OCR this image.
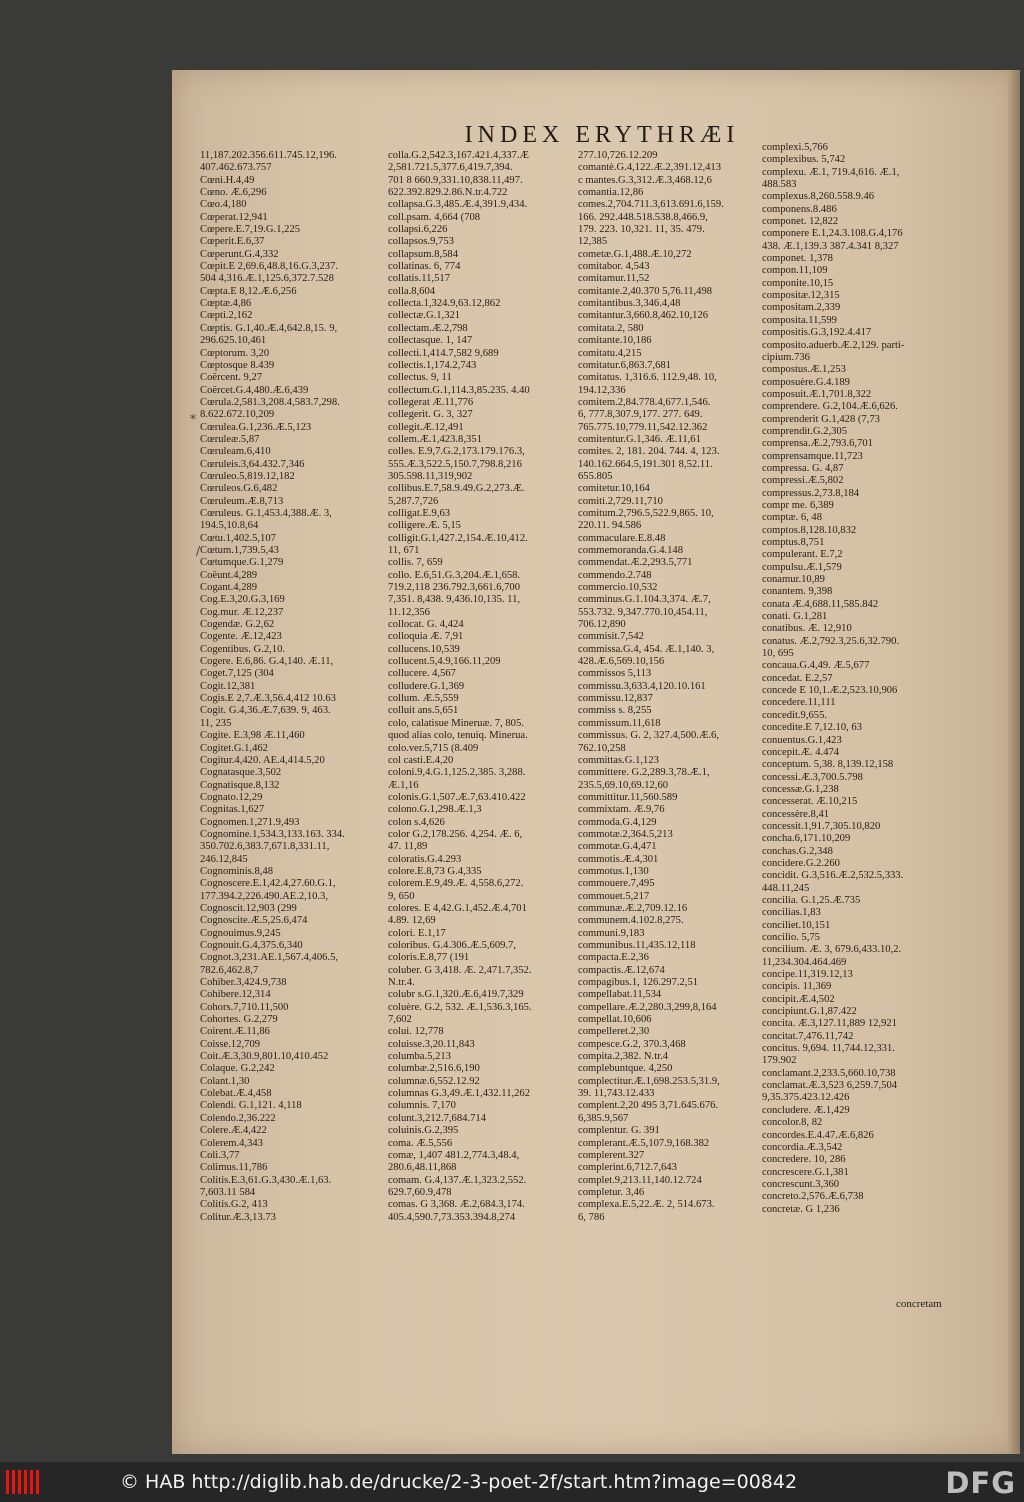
INDEX ERYTHRÆI
*
/
11,187.202.356.611.745.12,196.
407.462.673.757
Cœni.H.4,49
Cœno. Æ.6,296
Cœo.4,180
Cœperat.12,941
Cœpere.E.7,19.G.1,225
Cœperit.E.6,37
Cœperunt.G.4,332
Cœpit.E 2,69.6,48.8,16.G.3,237.
504 4,316.Æ.1,125.6,372.7.528
Cœpta.E 8,12.Æ.6,256
Cœptæ.4,86
Cœpti.2,162
Cœptis. G.1,40.Æ.4,642.8,15. 9,
296.625.10,461
Cœptorum. 3,20
Cœptosque 8.439
Coërcent. 9,27
Coërcet.G.4,480.Æ.6,439
Cœrula.2,581.3,208.4,583.7,298.
8.622.672.10,209
Cœrulea.G.1,236.Æ.5,123
Cœruleæ.5,87
Cœruleam.6,410
Cœruleis.3,64.432.7,346
Cœruleo.5,819.12,182
Cœruleos.G.6,482
Cœruleum.Æ.8,713
Cœruleus. G.1,453.4,388.Æ. 3,
194.5,10.8,64
Cœtu.1,402.5,107
Cœtum.1,739.5,43
Cœtumque.G.1,279
Coëunt.4,289
Cogant.4,289
Cog.E.3,20.G.3,169
Cog.mur. Æ.12,237
Cogendæ. G.2,62
Cogente. Æ.12,423
Cogentibus. G.2,10.
Cogere. E.6,86. G.4,140. Æ.11,
Coget.7,125 (304
Cogit.12,381
Cogis.E 2,7.Æ.3,56.4,412 10.63
Cogit. G.4,36.Æ.7,639. 9, 463.
11, 235
Cogite. E.3,98 Æ.11,460
Cogitet.G.1,462
Cogitur.4,420. AE.4,414.5,20
Cognatasque.3,502
Cognatisque.8,132
Cognato.12,29
Cognitas.1,627
Cognomen.1,271.9,493
Cognomine.1,534.3,133.163. 334.
350.702.6,383.7,671.8,331.11,
246.12,845
Cognominis.8,48
Cognoscere.E.1,42.4,27.60.G.1,
177.394.2,226.490.AE.2,10.3,
Cognoscit.12,903 (299
Cognoscite.Æ.5,25.6,474
Cognouimus.9,245
Cognouit.G.4,375.6,340
Cognot.3,231.AE.1,567.4,406.5,
782.6,462.8,7
Cohiber.3,424.9,738
Cohibere.12,314
Cohors.7,710.11,500
Cohortes. G.2,279
Coirent.Æ.11,86
Coisse.12,709
Coit.Æ.3,30.9,801.10,410.452
Colaque. G.2,242
Colant.1,30
Colebat.Æ.4,458
Colendi. G.1,121. 4,118
Colendo.2,36.222
Colere.Æ.4,422
Colerem.4,343
Coli.3,77
Colimus.11,786
Colitis.E.3,61.G.3,430.Æ.1,63.
7,603.11 584
Colitis.G.2, 413
Colitur.Æ.3,13.73
colla.G.2,542.3,167.421.4,337.Æ
2,581.721.5,377.6,419.7,394.
701 8 660.9,331.10,838.11,497.
622.392.829.2.86.N.tr.4.722
collapsa.G.3,485.Æ.4,391.9,434.
coll.psam. 4,664 (708
collapsi.6,226
collapsos.9,753
collapsum.8,584
collatinas. 6, 774
collatis.11,517
colla.8,604
collecta.1,324.9,63.12,862
collectæ.G.1,321
collectam.Æ.2,798
collectasque. 1, 147
collecti.1,414.7,582 9,689
collectis.1,174.2,743
collectus. 9, 11
collectum.G.1,114.3,85.235. 4.40
collegerat Æ.11,776
collegerit. G. 3, 327
collegit.Æ.12,491
collem.Æ.1,423.8,351
colles. E.9,7.G.2,173.179.176.3,
555.Æ.3,522.5,150.7,798.8,216
305.598.11,319,902
collibus.E.7,58.9.49.G.2,273.Æ.
5,287.7,726
colligat.E.9,63
colligere.Æ. 5,15
colligit.G.1,427.2,154.Æ.10,412.
11, 671
collis. 7, 659
collo. E.6,51.G.3,204.Æ.1,658.
719.2,118 236.792.3,661.6,700
7,351. 8,438. 9,436.10,135. 11,
11.12,356
collocat. G. 4,424
colloquia Æ. 7,91
collucens.10,539
collucent.5,4.9,166.11,209
collucere. 4,567
colludere.G.1,369
collum. Æ.5,559
colluit ans.5,651
colo, calatisue Mineruæ. 7, 805.
quod alias colo, tenuiq. Minerua.
colo.ver.5,715 (8.409
col casti.E.4,20
coloni.9,4.G.1,125.2,385. 3,288.
Æ.1,16
colonis.G.1,507.Æ.7,63.410.422
colono.G.1,298.Æ.1,3
colon s.4,626
color G.2,178.256. 4,254. Æ. 6,
47. 11,89
coloratis.G.4.293
colore.E.8,73 G.4,335
colorem.E.9,49.Æ. 4,558.6,272.
9, 650
colores. E 4,42.G.1,452.Æ.4,701
4.89. 12,69
colori. E.1,17
coloribus. G.4.306.Æ.5,609.7,
coloris.E.8,77 (191
coluber. G 3,418. Æ. 2,471.7,352.
N.tr.4.
colubr s.G.1,320.Æ.6,419.7,329
coluère. G.2, 532. Æ.1,536.3,165.
7,602
colui. 12,778
coluisse.3,20.11,843
columba.5,213
columbæ.2,516.6,190
columnæ.6,552.12.92
columnas G.3,49.Æ.1,432.11,262
columnis. 7,170
colunt.3,212.7,684.714
coluinis.G.2,395
coma. Æ.5,556
comæ, 1,407 481.2,774.3,48.4,
280.6,48.11,868
comam. G.4,137.Æ.1,323.2,552.
629.7,60.9,478
comas. G 3,368. Æ.2,684.3,174.
405.4,590.7,73.353.394.8,274
277.10,726.12.209
comantè.G.4,122.Æ.2,391.12,413
c mantes.G.3,312.Æ.3,468.12,6
comantia.12,86
comes.2,704.711.3,613.691.6,159.
166. 292.448.518.538.8,466.9,
179. 223. 10,321. 11, 35. 479.
12,385
cometæ.G.1,488.Æ.10,272
comitabor. 4,543
comitamur.11,52
comitante.2,40.370 5,76.11,498
comitantibus.3,346.4,48
comitantur.3,660.8,462.10,126
comitata.2, 580
comitante.10,186
comitatu.4,215
comitatur.6,863.7,681
comitatus. 1,316.6. 112.9,48. 10,
194.12,336
comitem.2,84.778.4,677.1,546.
6, 777.8,307.9,177. 277. 649.
765.775.10,779.11,542.12.362
comitentur.G.1,346. Æ.11,61
comites. 2, 181. 204. 744. 4, 123.
140.162.664.5,191.301 8,52.11.
655.805
comitetur.10,164
comiti.2,729.11,710
comitum.2,796.5,522.9,865. 10,
220.11. 94.586
commaculare.E.8.48
commemoranda.G.4.148
commendat.Æ.2,293.5,771
commendo.2.748
commercio.10,532
comminus.G.1.104.3,374. Æ.7,
553.732. 9,347.770.10,454.11,
706.12,890
commisit.7,542
commissa.G.4, 454. Æ.1,140. 3,
428.Æ.6,569.10,156
commissos 5,113
commissu.3,633.4,120.10.161
commissu.12,837
commiss s. 8,255
commissum.11,618
commissus. G. 2, 327.4,500.Æ.6,
762.10,258
committas.G.1,123
committere. G.2,289.3,78.Æ.1,
235.5,69.10,69.12,60
committitur.11,560.589
commixtam. Æ.9,76
commoda.G.4,129
commotæ.2,364.5,213
commotæ.G.4,471
commotis.Æ.4,301
commotus.1,130
commouere.7,495
commouet.5,217
communæ.Æ.2,709.12.16
communem.4.102.8,275.
communi.9,183
communibus.11,435.12,118
compacta.E.2,36
compactis.Æ.12,674
compagibus.1, 126.297.2,51
compellabat.11,534
compellare.Æ.2,280.3,299,8,164
compellat.10,606
compelleret.2,30
compesce.G.2, 370.3,468
compita.2,382. N.tr.4
complebuntque. 4,250
complectitur.Æ.1,698.253.5,31.9,
39. 11,743.12.433
complent.2,20 495 3,71.645.676.
6,385.9,567
complentur. G. 391
complerant.Æ.5,107.9,168.382
complerent.327
complerint.6,712.7,643
complet.9,213.11,140.12.724
completur. 3,46
complexa.E.5,22.Æ. 2, 514.673.
6, 786
complexi.5,766
complexibus. 5,742
complexu. Æ.1, 719.4,616. Æ.1,
488.583
complexus.8,260.558.9.46
componens.8.486
componet. 12,822
componere E.1,24.3.108.G.4,176
438. Æ.1,139.3 387.4.341 8,327
componet. 1,378
compon.11,109
componite.10,15
compositæ.12,315
compositam.2,339
composita.11,599
compositis.G.3,192.4.417
composito.aduerb.Æ.2,129. parti-
cipium.736
compostus.Æ.1,253
composuère.G.4.189
composuit.Æ.1,701.8,322
comprendere. G.2,104.Æ.6,626.
comprenderit G.1,428 (7,73
comprendit.G.2,305
comprensa.Æ.2,793.6,701
comprensamque.11,723
compressa. G. 4,87
compressi.Æ.5,802
compressus.2,73.8,184
compr me. 6,389
comptæ. 6, 48
comptos.8,128.10,832
comptus.8,751
compulerant. E.7,2
compulsu.Æ.1,579
conamur.10,89
conantem. 9,398
conata Æ.4,688.11,585.842
conati. G.1,281
conatibus. Æ. 12,910
conatus. Æ.2,792.3,25.6,32.790.
10, 695
concaua.G.4,49. Æ.5,677
concedat. E.2,57
concede E 10,1.Æ.2,523.10,906
concedere.11,111
concedit.9,655.
concedite.E 7,12.10, 63
conuentus.G.1,423
concepit.Æ. 4.474
conceptum. 5,38. 8,139.12,158
concessi.Æ.3,700.5.798
concessæ.G.1,238
concesserat. Æ.10,215
concessère.8,41
concessit.1,91.7,305.10,820
concha.6,171.10,209
conchas.G.2,348
concidere.G.2.260
concidit. G.3,516.Æ.2,532.5,333.
448.11,245
concilia. G.1,25.Æ.735
concilias.1,83
conciliet.10,151
concilio. 5,75
concilium. Æ. 3, 679.6,433.10,2.
11,234.304.464.469
concipe.11,319.12,13
concipis. 11,369
concipit.Æ.4,502
concipiunt.G.1,87.422
concita. Æ.3,127.11,889 12,921
concitat.7,476.11,742
concitus. 9,694. 11,744.12,331.
179.902
conclamant.2,233.5,660.10,738
conclamat.Æ.3,523 6,259.7,504
9,35.375.423.12.426
concludere. Æ.1,429
concolor.8, 82
concordes.E.4.47.Æ.6,826
concordia.Æ.3,542
concredere. 10, 286
concrescere.G.1,381
concrescunt.3,360
concreto.2,576.Æ.6,738
concretæ. G 1,236
concretam
© HAB http://diglib.hab.de/drucke/2-3-poet-2f/start.htm?image=00842	DFG
